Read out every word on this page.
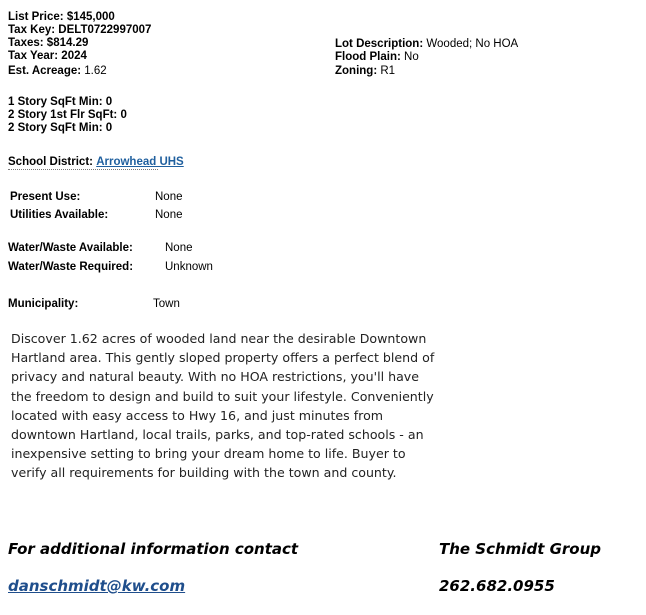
List Price: $145,000
Tax Key: DELT0722997007
Taxes: $814.29
Tax Year: 2024
Est. Acreage: 1.62
Lot Description: Wooded; No HOA
Flood Plain: No
Zoning: R1
1 Story SqFt Min: 0
2 Story 1st Flr SqFt: 0
2 Story SqFt Min: 0
School District: Arrowhead UHS
Present Use:	None
Utilities Available:	None
Water/Waste Available:	None
Water/Waste Required:	Unknown
Municipality:	Town
Discover 1.62 acres of wooded land near the desirable Downtown
Hartland area. This gently sloped property offers a perfect blend of
privacy and natural beauty. With no HOA restrictions, you'll have
the freedom to design and build to suit your lifestyle. Conveniently
located with easy access to Hwy 16, and just minutes from
downtown Hartland, local trails, parks, and top-rated schools - an
inexpensive setting to bring your dream home to life. Buyer to
verify all requirements for building with the town and county.
For additional information contact	The Schmidt Group
danschmidt@kw.com	262.682.0955
